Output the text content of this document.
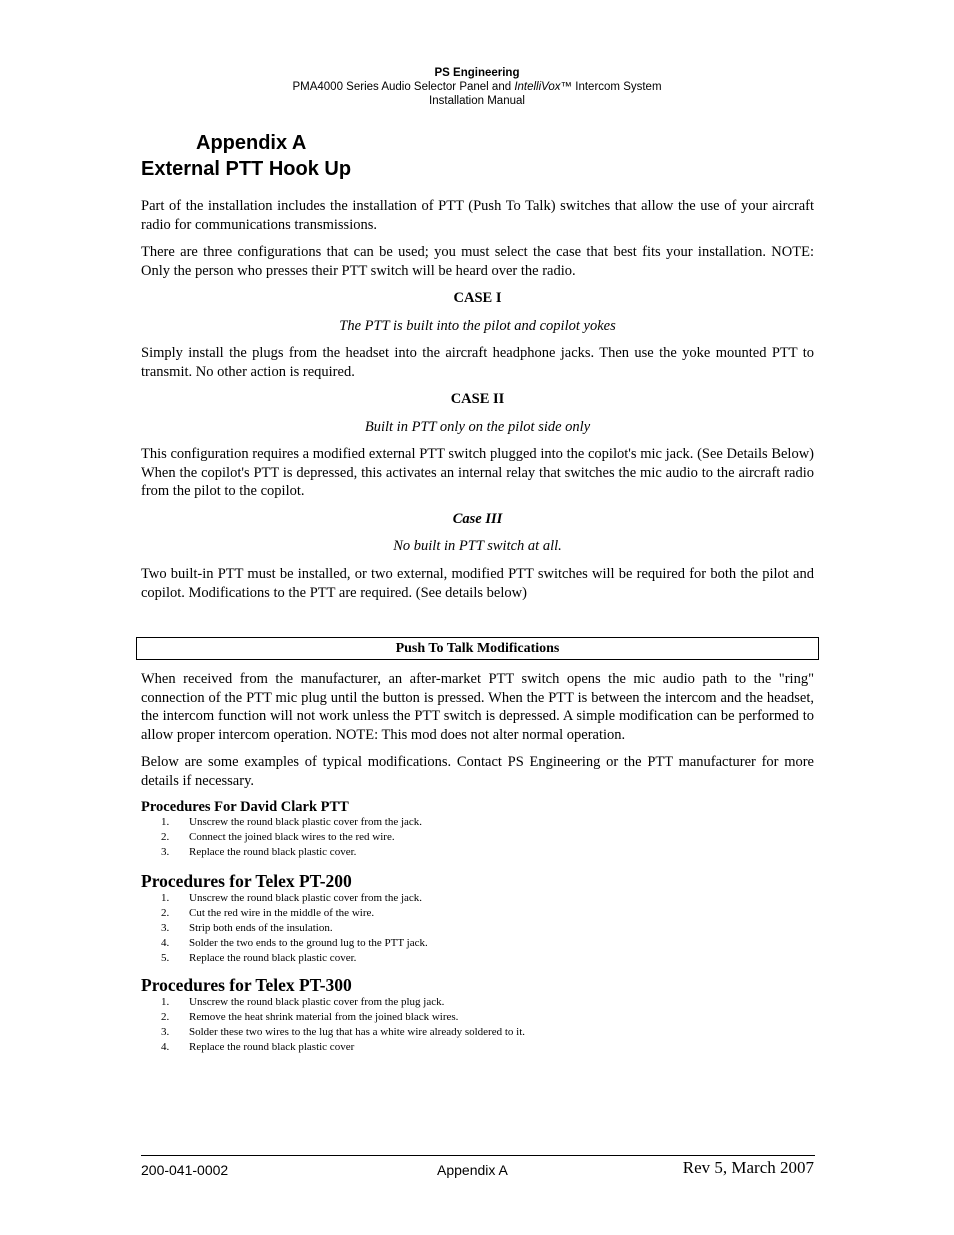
PS Engineering
PMA4000 Series Audio Selector Panel and IntelliVox™ Intercom System
Installation Manual
Appendix A
External PTT Hook Up

Part of the installation includes the installation of PTT (Push To Talk) switches that allow the use of your aircraft radio for communications transmissions.

There are three configurations that can be used; you must select the case that best fits your installation. NOTE: Only the person who presses their PTT switch will be heard over the radio.

CASE I
The PTT is built into the pilot and copilot yokes

Simply install the plugs from the headset into the aircraft headphone jacks. Then use the yoke mounted PTT to transmit. No other action is required.

CASE II
Built in PTT only on the pilot side only

This configuration requires a modified external PTT switch plugged into the copilot's mic jack. (See Details Below) When the copilot's PTT is depressed, this activates an internal relay that switches the mic audio to the aircraft radio from the pilot to the copilot.

Case III
No built in PTT switch at all.

Two built-in PTT must be installed, or two external, modified PTT switches will be required for both the pilot and copilot. Modifications to the PTT are required. (See details below)

Push To Talk Modifications

When received from the manufacturer, an after-market PTT switch opens the mic audio path to the "ring" connection of the PTT mic plug until the button is pressed. When the PTT is between the intercom and the headset, the intercom function will not work unless the PTT switch is depressed. A simple modification can be performed to allow proper intercom operation. NOTE: This mod does not alter normal operation.

Below are some examples of typical modifications. Contact PS Engineering or the PTT manufacturer for more details if necessary.

Procedures For David Clark PTT
1. Unscrew the round black plastic cover from the jack.
2. Connect the joined black wires to the red wire.
3. Replace the round black plastic cover.
Procedures for Telex PT-200
1. Unscrew the round black plastic cover from the jack.
2. Cut the red wire in the middle of the wire.
3. Strip both ends of the insulation.
4. Solder the two ends to the ground lug to the PTT jack.
5. Replace the round black plastic cover.
Procedures for Telex PT-300
1. Unscrew the round black plastic cover from the plug jack.
2. Remove the heat shrink material from the joined black wires.
3. Solder these two wires to the lug that has a white wire already soldered to it.
4. Replace the round black plastic cover
200-041-0002	Appendix A	Rev 5, March 2007
